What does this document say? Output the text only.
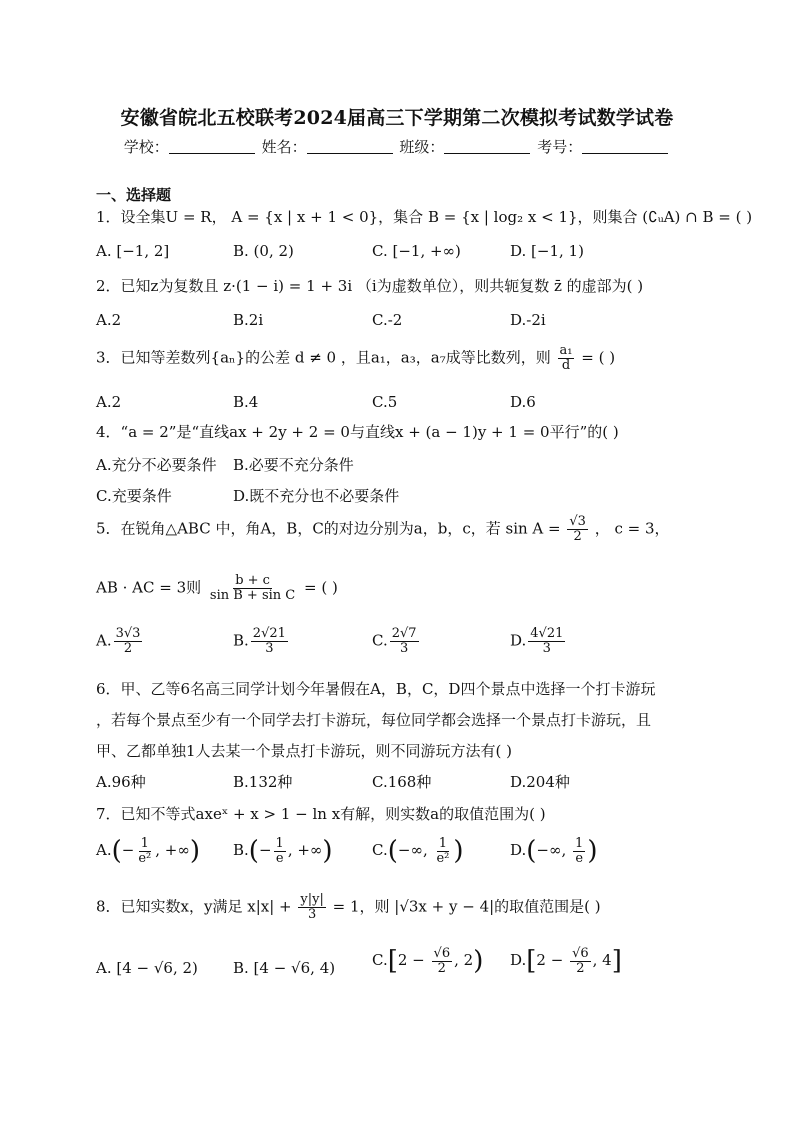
安徽省皖北五校联考2024届高三下学期第二次模拟考试数学试卷
学校：	姓名：	班级：	考号：
一、选择题
1．设全集U = R， A = {x | x + 1 < 0}，集合 B = {x | log₂ x < 1}，则集合 (∁ᵤA) ∩ B = ( )
A. [−1, 2]	B. (0, 2)	C. [−1, +∞)	D. [−1, 1)
2．已知z为复数且 z·(1 − i) = 1 + 3i （i为虚数单位），则共轭复数 z̄ 的虚部为( )
A.2	B.2i	C.-2	D.-2i
3．已知等差数列{aₙ}的公差 d ≠ 0 ，且a₁，a₃，a₇成等比数列，则 $\frac{\text{a₁}}{d}$ = ( )
A.2	B.4	C.5	D.6
4．“a = 2”是“直线ax + 2y + 2 = 0与直线x + (a − 1)y + 1 = 0平行”的( )
A.充分不必要条件 B.必要不充分条件
C.充要条件	D.既不充分也不必要条件
5．在锐角△ABC 中，角A，B，C的对边分别为a，b，c，若 $\sin A = \frac{√3}{2}$ ， c = 3，
AB · AC = 3则 $\frac{b + c}{\text{sin B + sin C}}$ = ( )
A. $\frac{3√3}{2}$	B. $\frac{2√21}{3}$	C. $\frac{2√7}{3}$	D. $\frac{4√21}{3}$
6．甲、乙等6名高三同学计划今年暑假在A，B，C，D四个景点中选择一个打卡游玩
，若每个景点至少有一个同学去打卡游玩，每位同学都会选择一个景点打卡游玩，且
甲、乙都单独1人去某一个景点打卡游玩，则不同游玩方法有( )
A.96种	B.132种	C.168种	D.204种
7．已知不等式axeˣ + x > 1 − ln x有解，则实数a的取值范围为( )
$A.(- \frac{1}{\text{e²}}$ , +∞) $B.(- \frac{1}{e}$ , +∞)	C.(−∞, $\frac{1}{\text{e²}}$ )	D.(−∞, $\frac{1}{e}$ )
8．已知实数x，y满足 $x|x| + \frac{y|y|}{3} = 1$，则 |√3x + y − 4|的取值范围是( )
A. [4 − √6, 2) B. [4 − √6, 4) $C.[2 - \frac{√6}{2}$ , 2) $D.[2 - \frac{√6}{2}$ , 4]
